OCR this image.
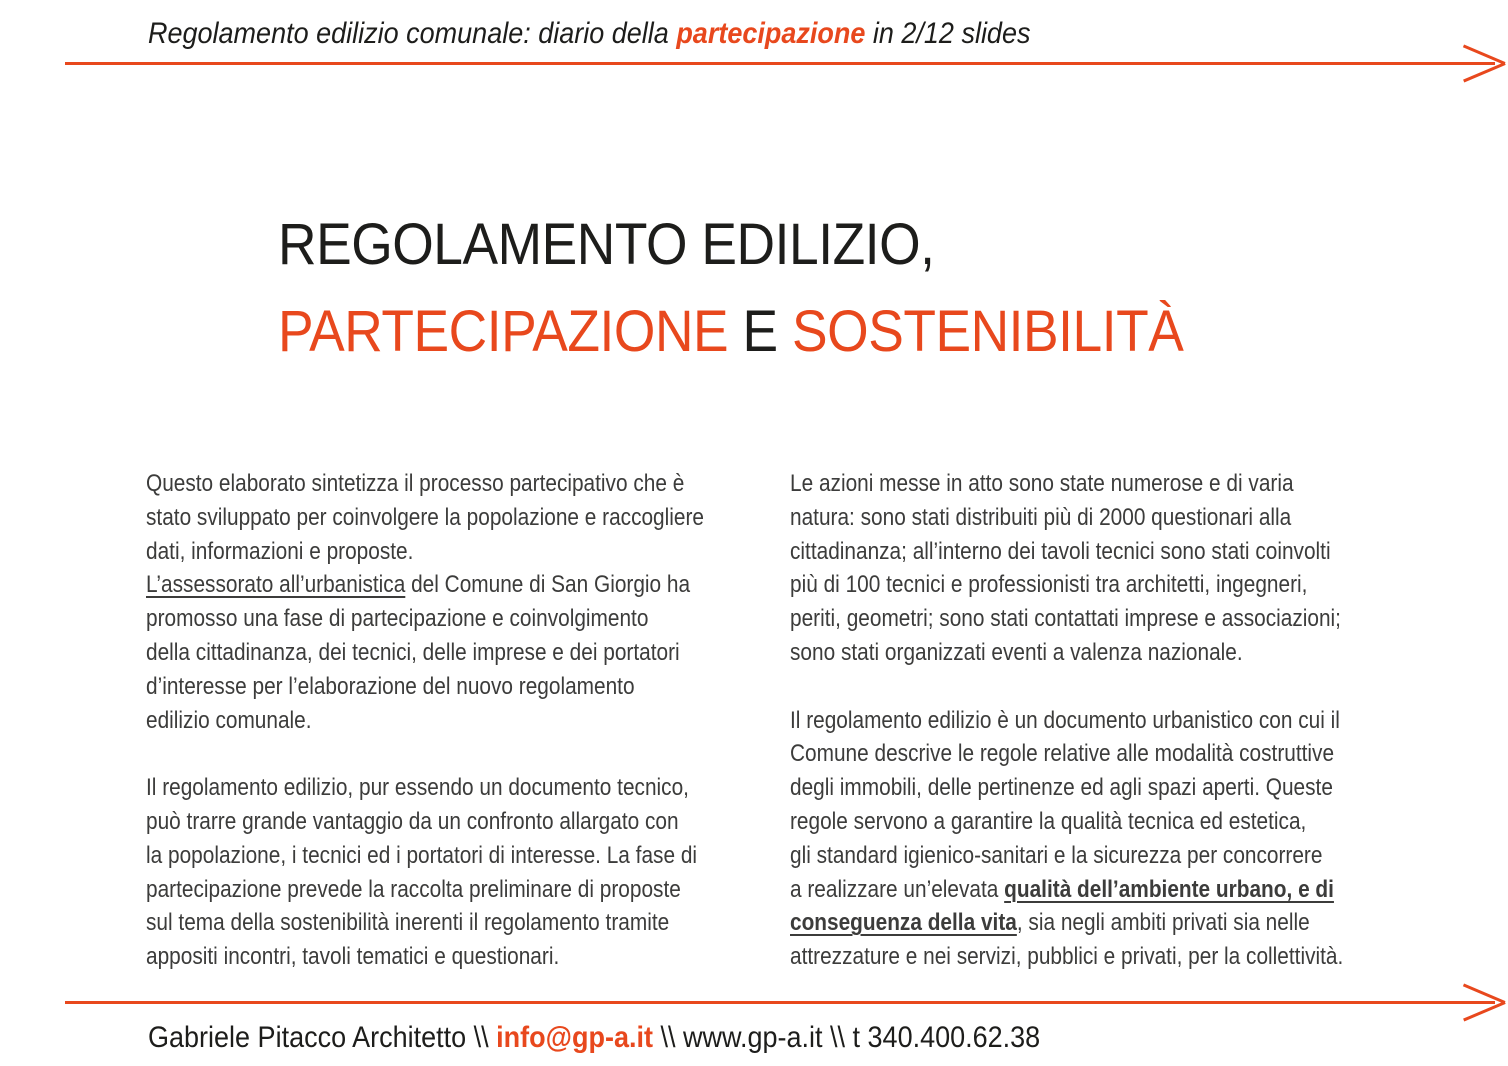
Regolamento edilizio comunale: diario della partecipazione in 2/12 slides
REGOLAMENTO EDILIZIO,
PARTECIPAZIONE E SOSTENIBILITÀ
Questo elaborato sintetizza il processo partecipativo che è
stato sviluppato per coinvolgere la popolazione e raccogliere
dati, informazioni e proposte.
L’assessorato all’urbanistica del Comune di San Giorgio ha
promosso una fase di partecipazione e coinvolgimento
della cittadinanza, dei tecnici, delle imprese e dei portatori
d’interesse per l’elaborazione del nuovo regolamento
edilizio comunale.
Il regolamento edilizio, pur essendo un documento tecnico,
può trarre grande vantaggio da un confronto allargato con
la popolazione, i tecnici ed i portatori di interesse. La fase di
partecipazione prevede la raccolta preliminare di proposte
sul tema della sostenibilità inerenti il regolamento tramite
appositi incontri, tavoli tematici e questionari.
Le azioni messe in atto sono state numerose e di varia
natura: sono stati distribuiti più di 2000 questionari alla
cittadinanza; all’interno dei tavoli tecnici sono stati coinvolti
più di 100 tecnici e professionisti tra architetti, ingegneri,
periti, geometri; sono stati contattati imprese e associazioni;
sono stati organizzati eventi a valenza nazionale.
Il regolamento edilizio è un documento urbanistico con cui il
Comune descrive le regole relative alle modalità costruttive
degli immobili, delle pertinenze ed agli spazi aperti. Queste
regole servono a garantire la qualità tecnica ed estetica,
gli standard igienico-sanitari e la sicurezza per concorrere
a realizzare un’elevata qualità dell’ambiente urbano, e di
conseguenza della vita, sia negli ambiti privati sia nelle
attrezzature e nei servizi, pubblici e privati, per la collettività.
Gabriele Pitacco Architetto \\ info@gp-a.it \\ www.gp-a.it \\ t 340.400.62.38
